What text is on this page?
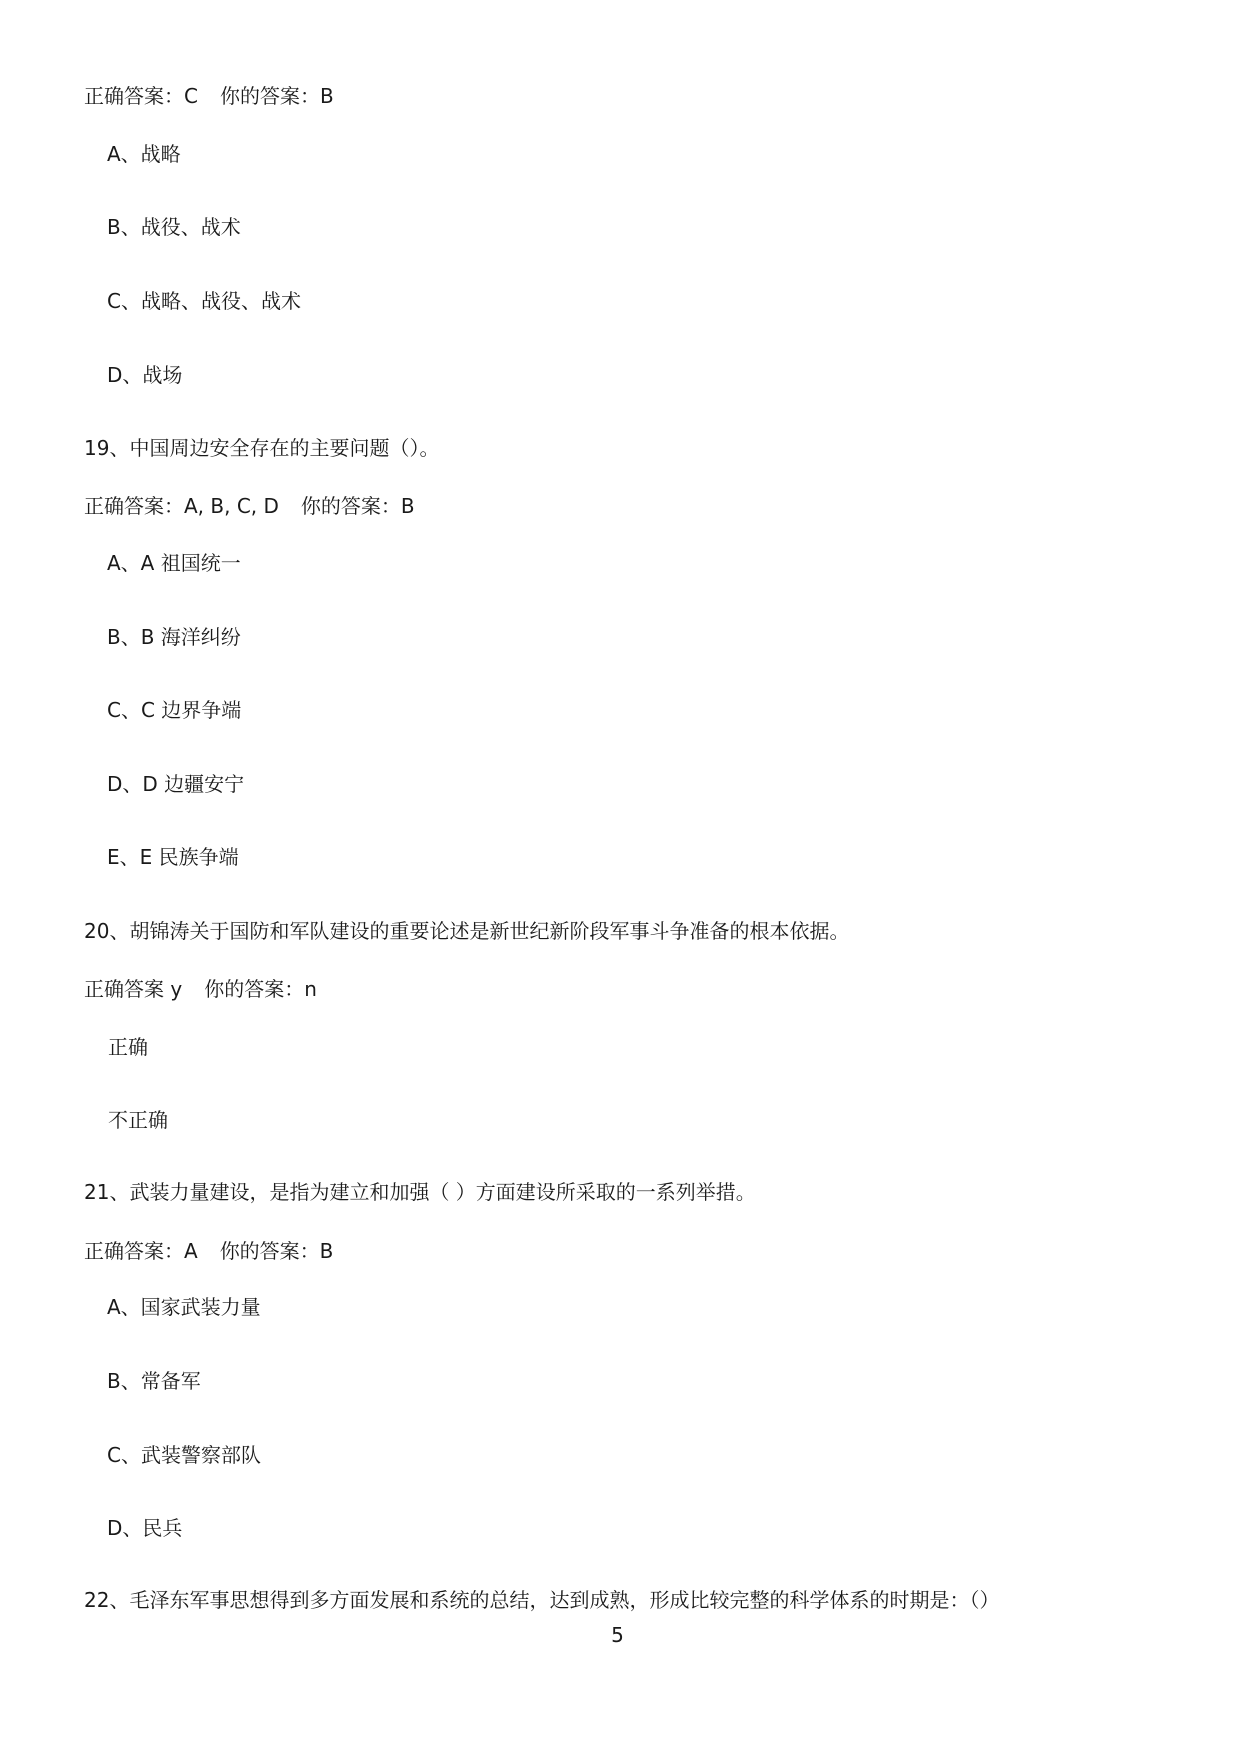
正确答案：C 你的答案：B
A、战略
B、战役、战术
C、战略、战役、战术
D、战场
19、中国周边安全存在的主要问题（）。
正确答案：A, B, C, D 你的答案：B
A、A 祖国统一
B、B 海洋纠纷
C、C 边界争端
D、D 边疆安宁
E、E 民族争端
20、胡锦涛关于国防和军队建设的重要论述是新世纪新阶段军事斗争准备的根本依据。
正确答案 y 你的答案：n
正确
不正确
21、武装力量建设，是指为建立和加强（ ）方面建设所采取的一系列举措。
正确答案：A 你的答案：B
A、国家武装力量
B、常备军
C、武装警察部队
D、民兵
22、毛泽东军事思想得到多方面发展和系统的总结，达到成熟，形成比较完整的科学体系的时期是：（）
5
